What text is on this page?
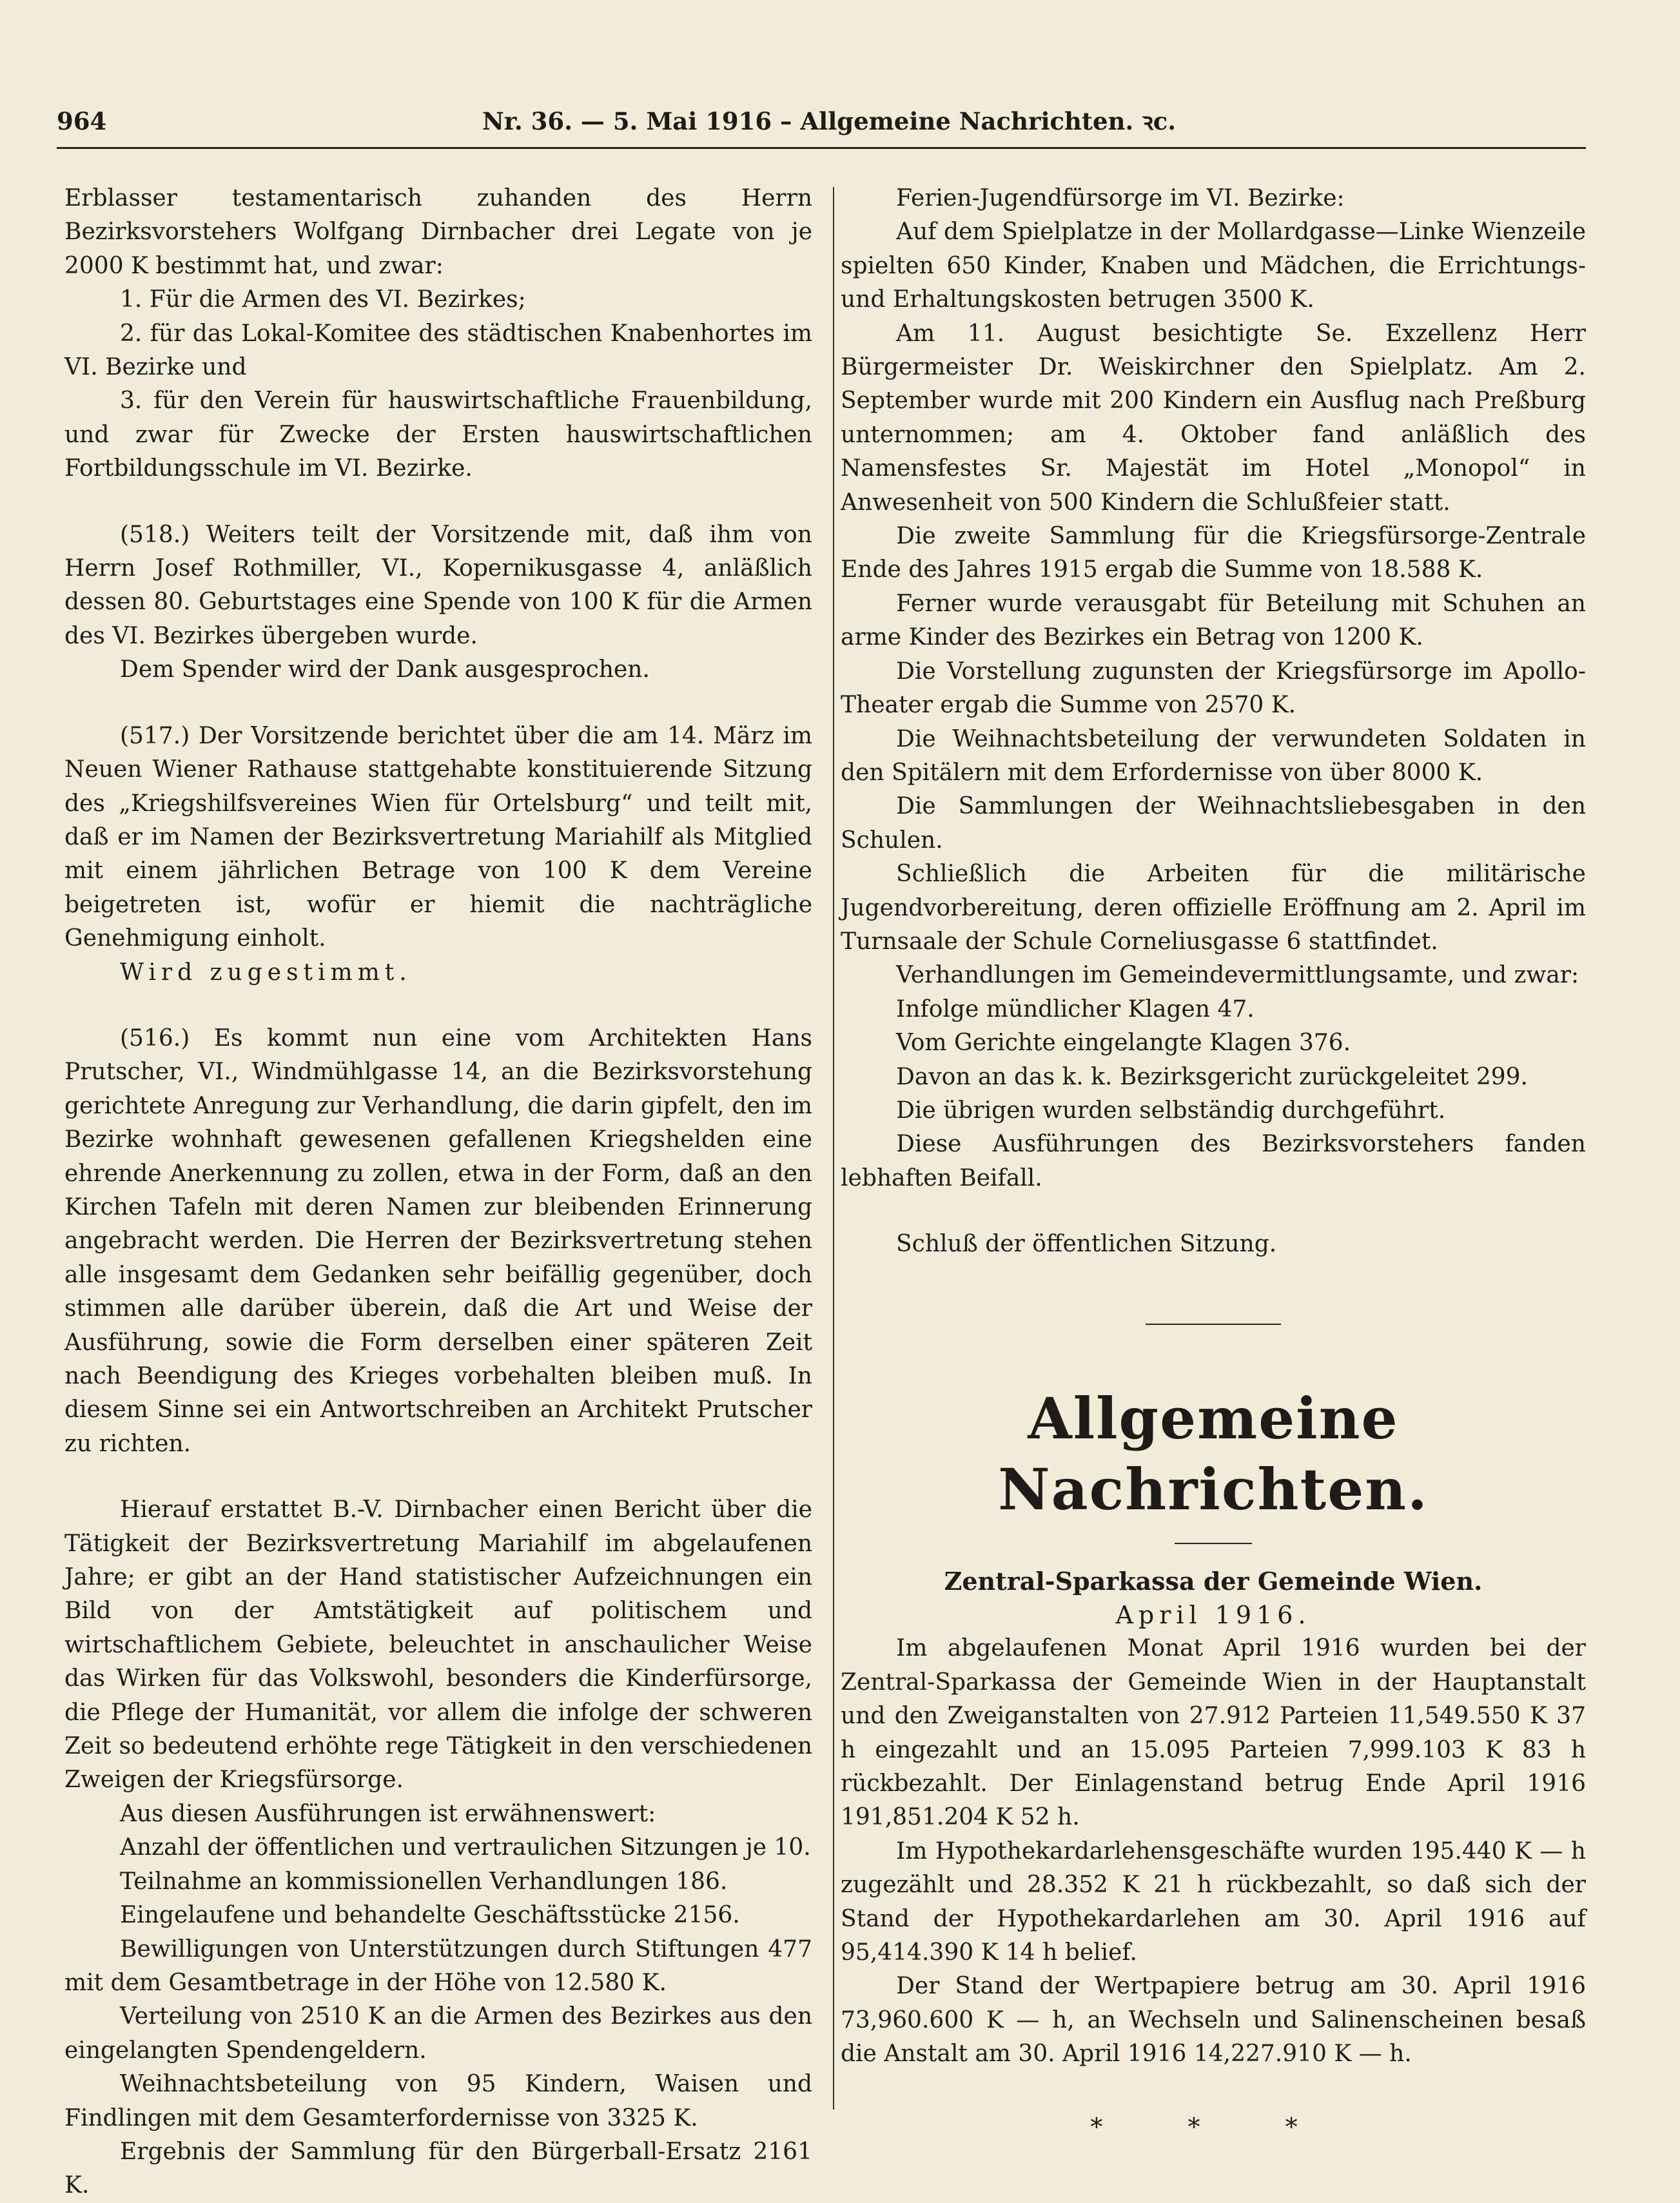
964	Nr. 36. — 5. Mai 1916 – Allgemeine Nachrichten. ꝛc.

Erblasser testamentarisch zuhanden des Herrn Bezirksvorstehers Wolfgang Dirnbacher drei Legate von je 2000 K bestimmt hat, und zwar:

1. Für die Armen des VI. Bezirkes;

2. für das Lokal-Komitee des städtischen Knabenhortes im VI. Bezirke und

3. für den Verein für hauswirtschaftliche Frauenbildung, und zwar für Zwecke der Ersten hauswirtschaftlichen Fortbildungsschule im VI. Bezirke.

(518.) Weiters teilt der Vorsitzende mit, daß ihm von Herrn Josef Rothmiller, VI., Kopernikusgasse 4, anläßlich dessen 80. Geburtstages eine Spende von 100 K für die Armen des VI. Bezirkes übergeben wurde.

Dem Spender wird der Dank ausgesprochen.

(517.) Der Vorsitzende berichtet über die am 14. März im Neuen Wiener Rathause stattgehabte konstituierende Sitzung des „Kriegshilfsvereines Wien für Ortelsburg“ und teilt mit, daß er im Namen der Bezirksvertretung Mariahilf als Mitglied mit einem jährlichen Betrage von 100 K dem Vereine beigetreten ist, wofür er hiemit die nachträgliche Genehmigung einholt.

Wird zugestimmt.

(516.) Es kommt nun eine vom Architekten Hans Prutscher, VI., Windmühlgasse 14, an die Bezirksvorstehung gerichtete Anregung zur Verhandlung, die darin gipfelt, den im Bezirke wohnhaft gewesenen gefallenen Kriegshelden eine ehrende Anerkennung zu zollen, etwa in der Form, daß an den Kirchen Tafeln mit deren Namen zur bleibenden Erinnerung angebracht werden. Die Herren der Bezirksvertretung stehen alle insgesamt dem Gedanken sehr beifällig gegenüber, doch stimmen alle darüber überein, daß die Art und Weise der Ausführung, sowie die Form derselben einer späteren Zeit nach Beendigung des Krieges vorbehalten bleiben muß. In diesem Sinne sei ein Antwortschreiben an Architekt Prutscher zu richten.

Hierauf erstattet B.-V. Dirnbacher einen Bericht über die Tätigkeit der Bezirksvertretung Mariahilf im abgelaufenen Jahre; er gibt an der Hand statistischer Aufzeichnungen ein Bild von der Amtstätigkeit auf politischem und wirtschaftlichem Gebiete, beleuchtet in anschaulicher Weise das Wirken für das Volkswohl, besonders die Kinderfürsorge, die Pflege der Humanität, vor allem die infolge der schweren Zeit so bedeutend erhöhte rege Tätigkeit in den verschiedenen Zweigen der Kriegsfürsorge.

Aus diesen Ausführungen ist erwähnenswert:

Anzahl der öffentlichen und vertraulichen Sitzungen je 10.

Teilnahme an kommissionellen Verhandlungen 186.

Eingelaufene und behandelte Geschäftsstücke 2156.

Bewilligungen von Unterstützungen durch Stiftungen 477 mit dem Gesamtbetrage in der Höhe von 12.580 K.

Verteilung von 2510 K an die Armen des Bezirkes aus den eingelangten Spendengeldern.

Weihnachtsbeteilung von 95 Kindern, Waisen und Findlingen mit dem Gesamterfordernisse von 3325 K.

Ergebnis der Sammlung für den Bürgerball-Ersatz 2161 K.

Ferien-Jugendfürsorge im VI. Bezirke:

Auf dem Spielplatze in der Mollardgasse—Linke Wienzeile spielten 650 Kinder, Knaben und Mädchen, die Errichtungs- und Erhaltungskosten betrugen 3500 K.

Am 11. August besichtigte Se. Exzellenz Herr Bürgermeister Dr. Weiskirchner den Spielplatz. Am 2. September wurde mit 200 Kindern ein Ausflug nach Preßburg unternommen; am 4. Oktober fand anläßlich des Namensfestes Sr. Majestät im Hotel „Monopol“ in Anwesenheit von 500 Kindern die Schlußfeier statt.

Die zweite Sammlung für die Kriegsfürsorge-Zentrale Ende des Jahres 1915 ergab die Summe von 18.588 K.

Ferner wurde verausgabt für Beteilung mit Schuhen an arme Kinder des Bezirkes ein Betrag von 1200 K.

Die Vorstellung zugunsten der Kriegsfürsorge im Apollo-Theater ergab die Summe von 2570 K.

Die Weihnachtsbeteilung der verwundeten Soldaten in den Spitälern mit dem Erfordernisse von über 8000 K.

Die Sammlungen der Weihnachtsliebesgaben in den Schulen.

Schließlich die Arbeiten für die militärische Jugendvorbereitung, deren offizielle Eröffnung am 2. April im Turnsaale der Schule Corneliusgasse 6 stattfindet.

Verhandlungen im Gemeindevermittlungsamte, und zwar:

Infolge mündlicher Klagen 47.

Vom Gerichte eingelangte Klagen 376.

Davon an das k. k. Bezirksgericht zurückgeleitet 299.

Die übrigen wurden selbständig durchgeführt.

Diese Ausführungen des Bezirksvorstehers fanden lebhaften Beifall.

Schluß der öffentlichen Sitzung.

Allgemeine Nachrichten.
Zentral-Sparkassa der Gemeinde Wien.
April 1916.

Im abgelaufenen Monat April 1916 wurden bei der Zentral-Sparkassa der Gemeinde Wien in der Hauptanstalt und den Zweiganstalten von 27.912 Parteien 11,549.550 K 37 h eingezahlt und an 15.095 Parteien 7,999.103 K 83 h rückbezahlt. Der Einlagenstand betrug Ende April 1916 191,851.204 K 52 h.

Im Hypothekardarlehensgeschäfte wurden 195.440 K — h zugezählt und 28.352 K 21 h rückbezahlt, so daß sich der Stand der Hypothekardarlehen am 30. April 1916 auf 95,414.390 K 14 h belief.

Der Stand der Wertpapiere betrug am 30. April 1916 73,960.600 K — h, an Wechseln und Salinenscheinen besaß die Anstalt am 30. April 1916 14,227.910 K — h.

* * *
